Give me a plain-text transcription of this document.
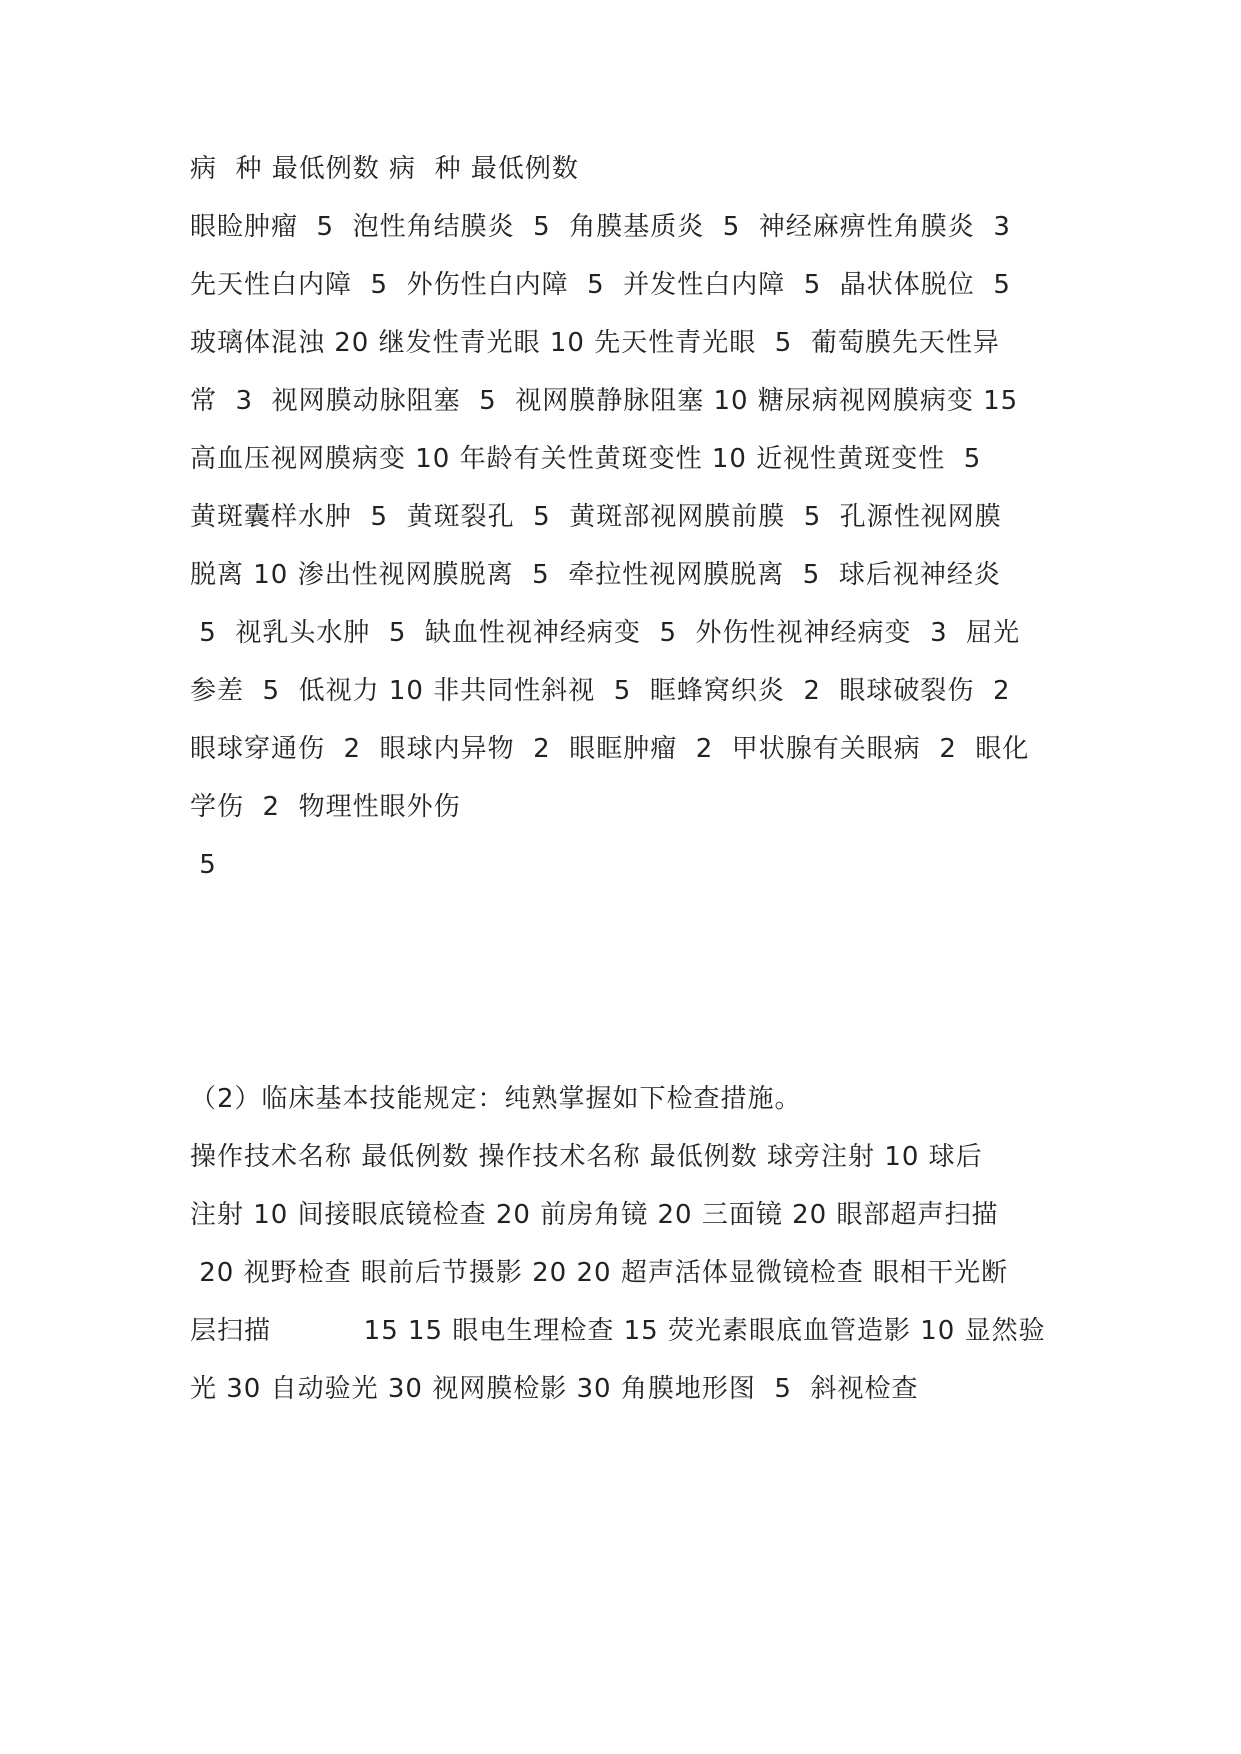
病  种 最低例数 病  种 最低例数
眼睑肿瘤  5  泡性角结膜炎  5  角膜基质炎  5  神经麻痹性角膜炎  3
先天性白内障  5  外伤性白内障  5  并发性白内障  5  晶状体脱位  5
玻璃体混浊 20 继发性青光眼 10 先天性青光眼  5  葡萄膜先天性异
常  3  视网膜动脉阻塞  5  视网膜静脉阻塞 10 糖尿病视网膜病变 15
高血压视网膜病变 10 年龄有关性黄斑变性 10 近视性黄斑变性  5
黄斑囊样水肿  5  黄斑裂孔  5  黄斑部视网膜前膜  5  孔源性视网膜
脱离 10 渗出性视网膜脱离  5  牵拉性视网膜脱离  5  球后视神经炎
5  视乳头水肿  5  缺血性视神经病变  5  外伤性视神经病变  3  屈光
参差  5  低视力 10 非共同性斜视  5  眶蜂窝织炎  2  眼球破裂伤  2
眼球穿通伤  2  眼球内异物  2  眼眶肿瘤  2  甲状腺有关眼病  2  眼化
学伤  2  物理性眼外伤
5
（2）临床基本技能规定：纯熟掌握如下检查措施。
操作技术名称 最低例数 操作技术名称 最低例数 球旁注射 10 球后
注射 10 间接眼底镜检查 20 前房角镜 20 三面镜 20 眼部超声扫描
20 视野检查 眼前后节摄影 20 20 超声活体显微镜检查 眼相干光断
层扫描          15 15 眼电生理检查 15 荧光素眼底血管造影 10 显然验
光 30 自动验光 30 视网膜检影 30 角膜地形图  5  斜视检查
